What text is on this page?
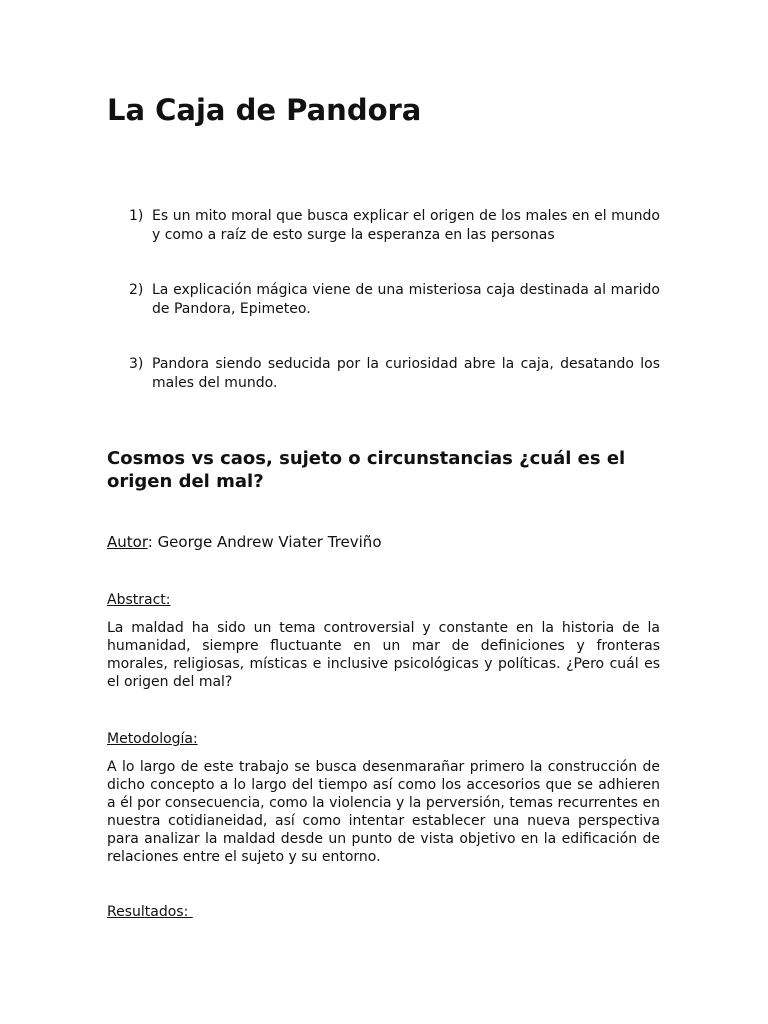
La Caja de Pandora
1) Es un mito moral que busca explicar el origen de los males en el mundo y como a raíz de esto surge la esperanza en las personas
2) La explicación mágica viene de una misteriosa caja destinada al marido de Pandora, Epimeteo.
3) Pandora siendo seducida por la curiosidad abre la caja, desatando los males del mundo.
Cosmos vs caos, sujeto o circunstancias ¿cuál es el origen del mal?
Autor: George Andrew Viater Treviño
Abstract:

La maldad ha sido un tema controversial y constante en la historia de la humanidad, siempre fluctuante en un mar de definiciones y fronteras morales, religiosas, místicas e inclusive psicológicas y políticas. ¿Pero cuál es el origen del mal?

Metodología:

A lo largo de este trabajo se busca desenmarañar primero la construcción de dicho concepto a lo largo del tiempo así como los accesorios que se adhieren a él por consecuencia, como la violencia y la perversión, temas recurrentes en nuestra cotidianeidad, así como intentar establecer una nueva perspectiva para analizar la maldad desde un punto de vista objetivo en la edificación de relaciones entre el sujeto y su entorno.

Resultados:
